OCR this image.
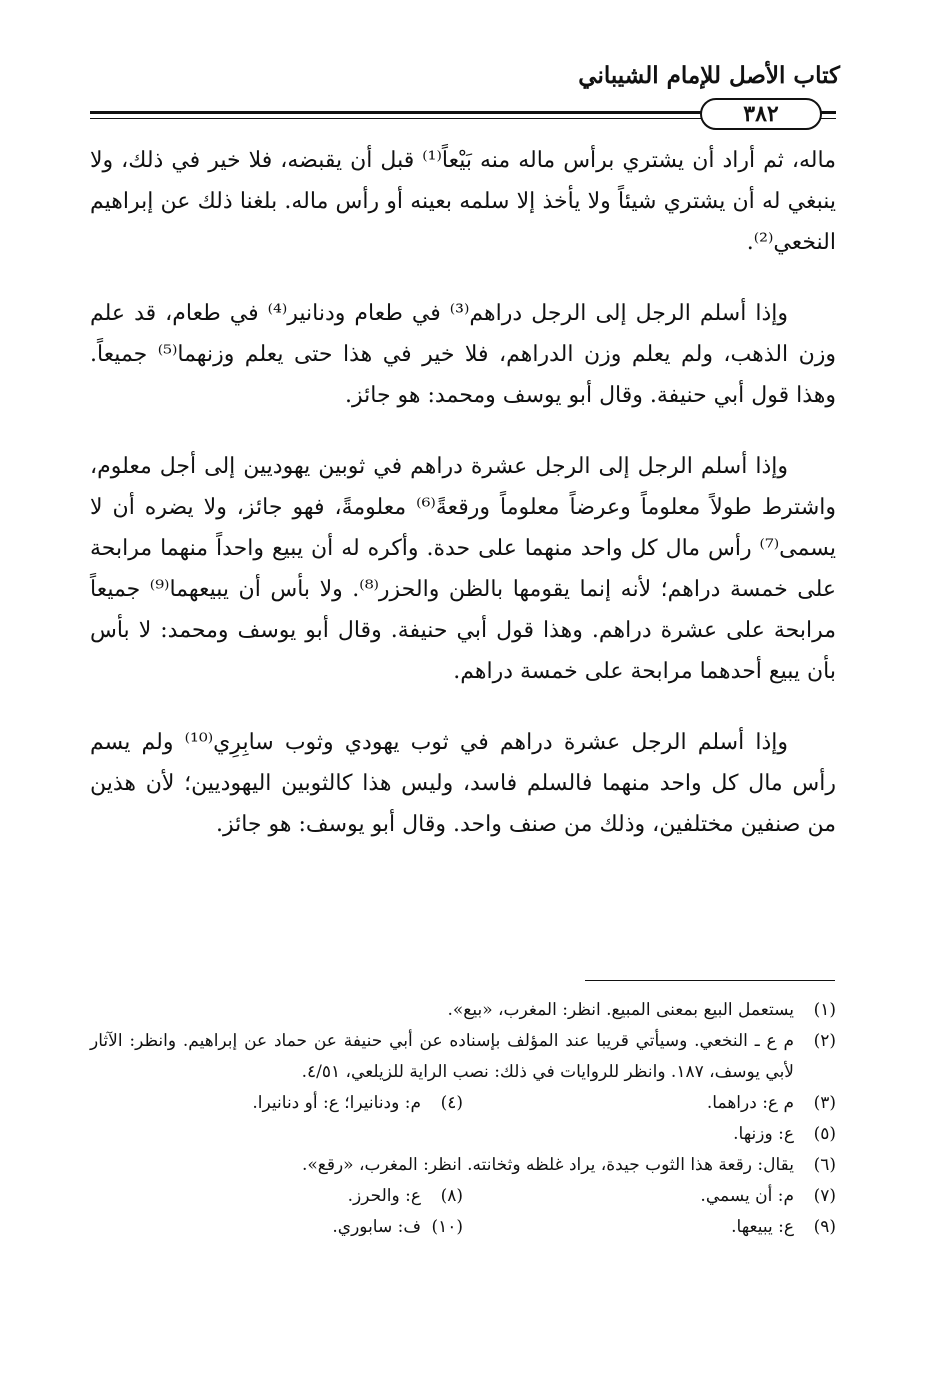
كتاب الأصل للإمام الشيباني
٣٨٢

ماله، ثم أراد أن يشتري برأس ماله منه بَيْعاً⁽¹⁾ قبل أن يقبضه، فلا خير في ذلك، ولا ينبغي له أن يشتري شيئاً ولا يأخذ إلا سلمه بعينه أو رأس ماله. بلغنا ذلك عن إبراهيم النخعي⁽²⁾.

وإذا أسلم الرجل إلى الرجل دراهم⁽³⁾ في طعام ودنانير⁽⁴⁾ في طعام، قد علم وزن الذهب، ولم يعلم وزن الدراهم، فلا خير في هذا حتى يعلم وزنهما⁽⁵⁾ جميعاً. وهذا قول أبي حنيفة. وقال أبو يوسف ومحمد: هو جائز.

وإذا أسلم الرجل إلى الرجل عشرة دراهم في ثوبين يهوديين إلى أجل معلوم، واشترط طولاً معلوماً وعرضاً معلوماً ورقعةً⁽⁶⁾ معلومةً، فهو جائز، ولا يضره أن لا يسمى⁽⁷⁾ رأس مال كل واحد منهما على حدة. وأكره له أن يبيع واحداً منهما مرابحة على خمسة دراهم؛ لأنه إنما يقومها بالظن والحزر⁽⁸⁾. ولا بأس أن يبيعهما⁽⁹⁾ جميعاً مرابحة على عشرة دراهم. وهذا قول أبي حنيفة. وقال أبو يوسف ومحمد: لا بأس بأن يبيع أحدهما مرابحة على خمسة دراهم.

وإذا أسلم الرجل عشرة دراهم في ثوب يهودي وثوب سابِرِي⁽¹⁰⁾ ولم يسم رأس مال كل واحد منهما فالسلم فاسد، وليس هذا كالثوبين اليهوديين؛ لأن هذين من صنفين مختلفين، وذلك من صنف واحد. وقال أبو يوسف: هو جائز.

(١)
يستعمل البيع بمعنى المبيع. انظر: المغرب، «بيع».
(٢)
م ع ـ النخعي. وسيأتي قريبا عند المؤلف بإسناده عن أبي حنيفة عن حماد عن إبراهيم. وانظر: الآثار لأبي يوسف، ١٨٧. وانظر للروايات في ذلك: نصب الراية للزيلعي، ٤/٥١.
(٣)
م ع: دراهما.
(٤)
م: ودنانيرا؛ ع: أو دنانيرا.
(٥)
ع: وزنها.
(٦)
يقال: رقعة هذا الثوب جيدة، يراد غلظه وثخانته. انظر: المغرب، «رقع».
(٧)
م: أن يسمي.
(٨)
ع: والحرز.
(٩)
ع: يبيعها.
(١٠)
ف: سابوري.
